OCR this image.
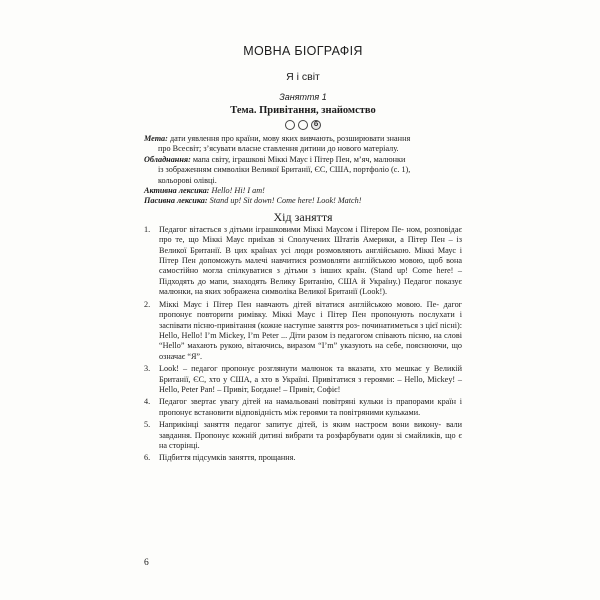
МОВНА БІОГРАФІЯ
Я і світ
Заняття 1
Тема. Привітання, знайомство
б

Мета: дати уявлення про країни, мову яких вивчають, розширювати знання

про Всесвіт; з’ясувати власне ставлення дитини до нового матеріалу.

Обладнання: мапа світу, іграшкові Міккі Маус і Пітер Пен, м’яч, малюнки

із зображенням символіки Великої Британії, ЄС, США, портфоліо (с. 1),

кольорові олівці.

Активна лексика: Hello! Hi! I am!

Пасивна лексика: Stand up! Sit down! Come here! Look! Match!

Хід заняття
1.	Педагог вітається з дітьми іграшковими Міккі Маусом і Пітером Пе- ном, розповідає про те, що Міккі Маус приїхав зі Сполучених Штатів Америки, а Пітер Пен – із Великої Британії. В цих країнах усі люди розмовляють англійською. Міккі Маус і Пітер Пен допоможуть малечі навчитися розмовляти англійською мовою, щоб вона самостійно могла спілкуватися з дітьми з інших країн. (Stand up! Come here! – Підходять до мапи, знаходять Велику Британію, США й Україну.) Педагог показує малюнки, на яких зображена символіка Великої Британії (Look!).
2.	Міккі Маус і Пітер Пен навчають дітей вітатися англійською мовою. Пе- дагог пропонує повторити римівку. Міккі Маус і Пітер Пен пропонують послухати і заспівати пісню-привітання (кожне наступне заняття роз- починатиметься з цієї пісні): Hello, Hello! I’m Mickey, I’m Peter ... Діти разом із педагогом співають пісню, на слові “Hello” махають рукою, вітаючись, виразом “I’m” указують на себе, пояснюючи, що означає “Я”.
3.	Look! – педагог пропонує розглянути малюнок та вказати, хто мешкає у Великій Британії, ЄС, хто у США, а хто в Україні. Привітатися з героями: – Hello, Mickey! – Hello, Peter Pan! – Привіт, Богдане! – Привіт, Софіє!
4.	Педагог звертає увагу дітей на намальовані повітряні кульки із прапорами країн і пропонує встановити відповідність між героями та повітряними кульками.
5.	Наприкінці заняття педагог запитує дітей, із яким настроєм вони викону- вали завдання. Пропонує кожній дитині вибрати та розфарбувати один зі смайликів, що є на сторінці.
6.	Підбиття підсумків заняття, прощання.
6
